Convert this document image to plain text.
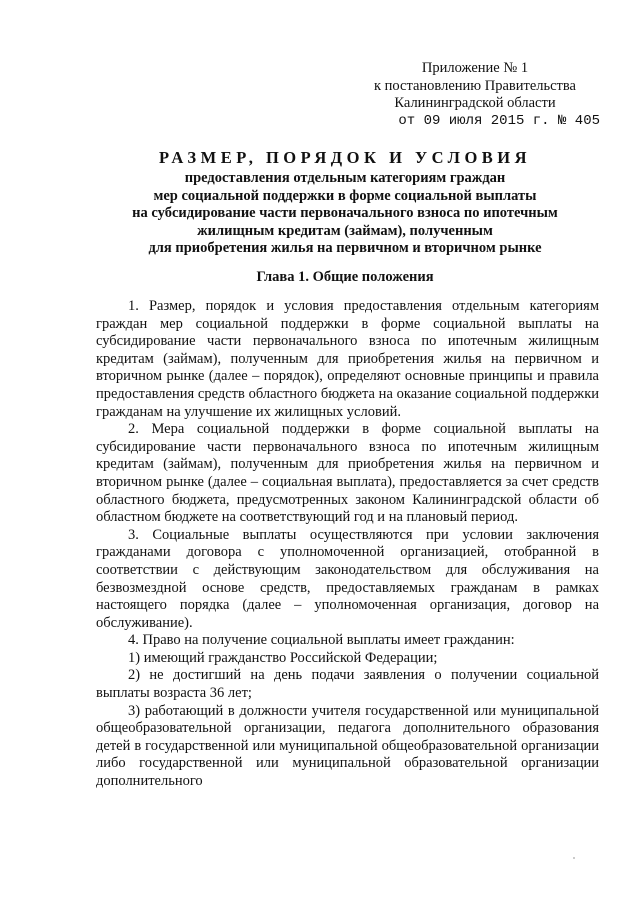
Приложение № 1
к постановлению Правительства
Калининградской области
от 09 июля 2015 г. № 405
РАЗМЕР, ПОРЯДОК И УСЛОВИЯ
предоставления отдельным категориям граждан
мер социальной поддержки в форме социальной выплаты
на субсидирование части первоначального взноса по ипотечным
жилищным кредитам (займам), полученным
для приобретения жилья на первичном и вторичном рынке
Глава 1. Общие положения

1. Размер, порядок и условия предоставления отдельным категориям граждан мер социальной поддержки в форме социальной выплаты на субсидирование части первоначального взноса по ипотечным жилищным кредитам (займам), полученным для приобретения жилья на первичном и вторичном рынке (далее – порядок), определяют основные принципы и правила предоставления средств областного бюджета на оказание социальной поддержки гражданам на улучшение их жилищных условий.

2. Мера социальной поддержки в форме социальной выплаты на субсидирование части первоначального взноса по ипотечным жилищным кредитам (займам), полученным для приобретения жилья на первичном и вторичном рынке (далее – социальная выплата), предоставляется за счет средств областного бюджета, предусмотренных законом Калининградской области об областном бюджете на соответствующий год и на плановый период.

3. Социальные выплаты осуществляются при условии заключения гражданами договора с уполномоченной организацией, отобранной в соответствии с действующим законодательством для обслуживания на безвозмездной основе средств, предоставляемых гражданам в рамках настоящего порядка (далее – уполномоченная организация, договор на обслуживание).

4. Право на получение социальной выплаты имеет гражданин:

1) имеющий гражданство Российской Федерации;

2) не достигший на день подачи заявления о получении социальной выплаты возраста 36 лет;

3) работающий в должности учителя государственной или муниципальной общеобразовательной организации, педагога дополнительного образования детей в государственной или муниципальной общеобразовательной организации либо государственной или муниципальной образовательной организации дополнительного
